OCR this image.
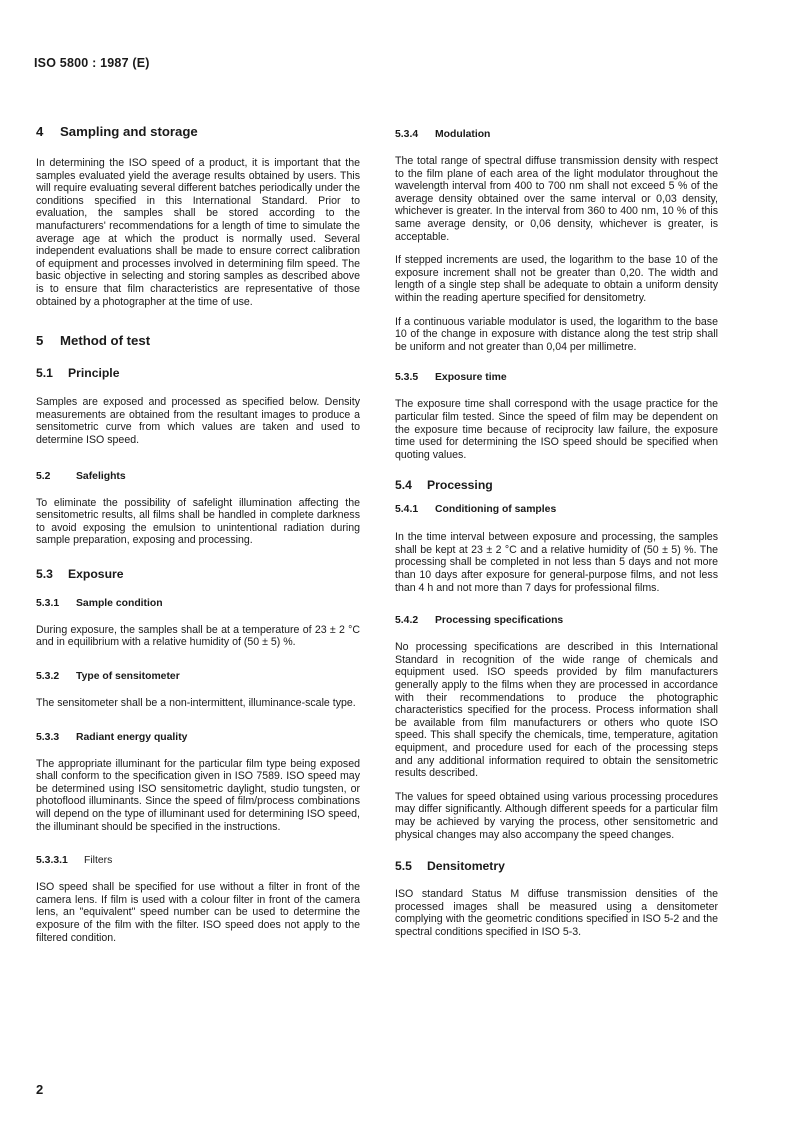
ISO 5800 : 1987 (E)
4 Sampling and storage

In determining the ISO speed of a product, it is important that the samples evaluated yield the average results obtained by users. This will require evaluating several different batches periodically under the conditions specified in this International Standard. Prior to evaluation, the samples shall be stored according to the manufacturers' recommendations for a length of time to simulate the average age at which the product is normally used. Several independent evaluations shall be made to ensure correct calibration of equipment and processes involved in determining film speed. The basic objective in selecting and storing samples as described above is to ensure that film characteristics are representative of those obtained by a photographer at the time of use.

5 Method of test
5.1 Principle

Samples are exposed and processed as specified below. Density measurements are obtained from the resultant images to produce a sensitometric curve from which values are taken and used to determine ISO speed.

5.2 Safelights

To eliminate the possibility of safelight illumination affecting the sensitometric results, all films shall be handled in complete darkness to avoid exposing the emulsion to unintentional radiation during sample preparation, exposing and processing.

5.3 Exposure
5.3.1 Sample condition

During exposure, the samples shall be at a temperature of 23 ± 2 °C and in equilibrium with a relative humidity of (50 ± 5) %.

5.3.2 Type of sensitometer

The sensitometer shall be a non-intermittent, illuminance-scale type.

5.3.3 Radiant energy quality

The appropriate illuminant for the particular film type being exposed shall conform to the specification given in ISO 7589. ISO speed may be determined using ISO sensitometric daylight, studio tungsten, or photoflood illuminants. Since the speed of film/process combinations will depend on the type of illuminant used for determining ISO speed, the illuminant should be specified in the instructions.

5.3.3.1 Filters

ISO speed shall be specified for use without a filter in front of the camera lens. If film is used with a colour filter in front of the camera lens, an "equivalent" speed number can be used to determine the exposure of the film with the filter. ISO speed does not apply to the filtered condition.

5.3.4 Modulation

The total range of spectral diffuse transmission density with respect to the film plane of each area of the light modulator throughout the wavelength interval from 400 to 700 nm shall not exceed 5 % of the average density obtained over the same interval or 0,03 density, whichever is greater. In the interval from 360 to 400 nm, 10 % of this same average density, or 0,06 density, whichever is greater, is acceptable.

If stepped increments are used, the logarithm to the base 10 of the exposure increment shall not be greater than 0,20. The width and length of a single step shall be adequate to obtain a uniform density within the reading aperture specified for densitometry.

If a continuous variable modulator is used, the logarithm to the base 10 of the change in exposure with distance along the test strip shall be uniform and not greater than 0,04 per millimetre.

5.3.5 Exposure time

The exposure time shall correspond with the usage practice for the particular film tested. Since the speed of film may be dependent on the exposure time because of reciprocity law failure, the exposure time used for determining the ISO speed should be specified when quoting values.

5.4 Processing
5.4.1 Conditioning of samples

In the time interval between exposure and processing, the samples shall be kept at 23 ± 2 °C and a relative humidity of (50 ± 5) %. The processing shall be completed in not less than 5 days and not more than 10 days after exposure for general-purpose films, and not less than 4 h and not more than 7 days for professional films.

5.4.2 Processing specifications

No processing specifications are described in this International Standard in recognition of the wide range of chemicals and equipment used. ISO speeds provided by film manufacturers generally apply to the films when they are processed in accordance with their recommendations to produce the photographic characteristics specified for the process. Process information shall be available from film manufacturers or others who quote ISO speed. This shall specify the chemicals, time, temperature, agitation equipment, and procedure used for each of the processing steps and any additional information required to obtain the sensitometric results described.

The values for speed obtained using various processing procedures may differ significantly. Although different speeds for a particular film may be achieved by varying the process, other sensitometric and physical changes may also accompany the speed changes.

5.5 Densitometry

ISO standard Status M diffuse transmission densities of the processed images shall be measured using a densitometer complying with the geometric conditions specified in ISO 5-2 and the spectral conditions specified in ISO 5-3.

2
